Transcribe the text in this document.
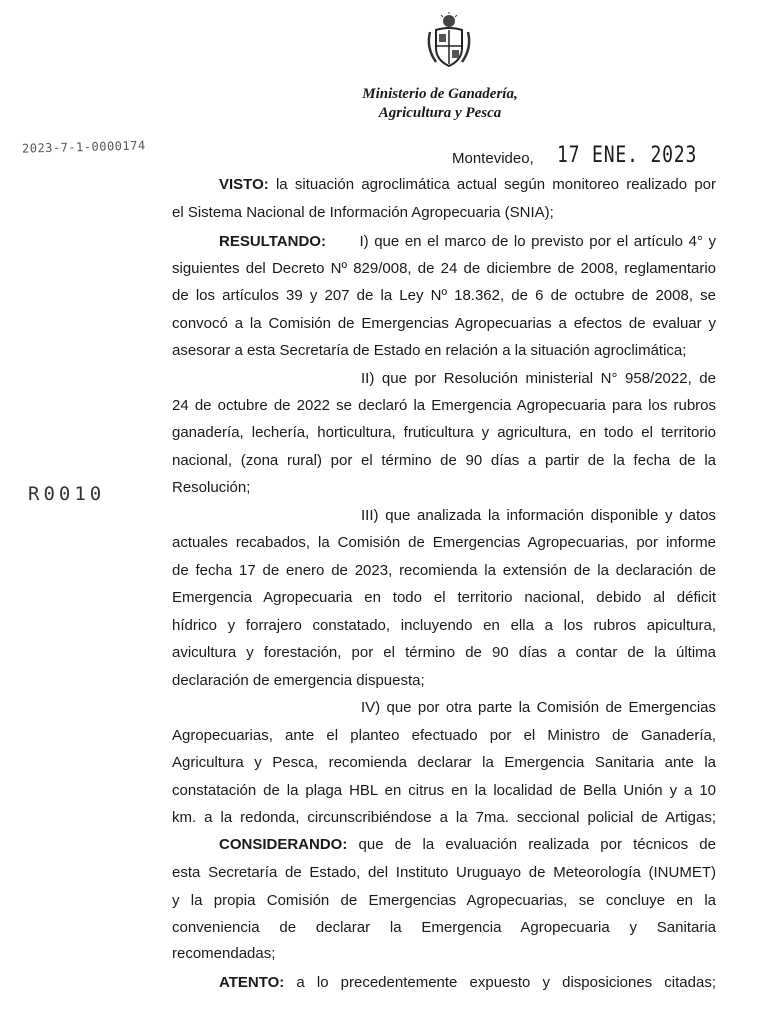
Ministerio de Ganadería,
Agricultura y Pesca
2023-7-1-0000174
Montevideo, 17 ENE. 2023
R0010
VISTO: la situación agroclimática actual según monitoreo realizado por
el Sistema Nacional de Información Agropecuaria (SNIA);
RESULTANDO: I) que en el marco de lo previsto por el artículo 4° y
siguientes del Decreto Nº 829/008, de 24 de diciembre de 2008, reglamentario
de los artículos 39 y 207 de la Ley Nº 18.362, de 6 de octubre de 2008, se
convocó a la Comisión de Emergencias Agropecuarias a efectos de evaluar y
asesorar a esta Secretaría de Estado en relación a la situación agroclimática;
II) que por Resolución ministerial N° 958/2022, de
24 de octubre de 2022 se declaró la Emergencia Agropecuaria para los rubros
ganadería, lechería, horticultura, fruticultura y agricultura, en todo el territorio
nacional, (zona rural) por el término de 90 días a partir de la fecha de la
Resolución;
III) que analizada la información disponible y datos
actuales recabados, la Comisión de Emergencias Agropecuarias, por informe
de fecha 17 de enero de 2023, recomienda la extensión de la declaración de
Emergencia Agropecuaria en todo el territorio nacional, debido al déficit
hídrico y forrajero constatado, incluyendo en ella a los rubros apicultura,
avicultura y forestación, por el término de 90 días a contar de la última
declaración de emergencia dispuesta;
IV) que por otra parte la Comisión de Emergencias
Agropecuarias, ante el planteo efectuado por el Ministro de Ganadería,
Agricultura y Pesca, recomienda declarar la Emergencia Sanitaria ante la
constatación de la plaga HBL en citrus en la localidad de Bella Unión y a 10
km. a la redonda, circunscribiéndose a la 7ma. seccional policial de Artigas;
CONSIDERANDO: que de la evaluación realizada por técnicos de
esta Secretaría de Estado, del Instituto Uruguayo de Meteorología (INUMET)
y la propia Comisión de Emergencias Agropecuarias, se concluye en la
conveniencia de declarar la Emergencia Agropecuaria y Sanitaria
recomendadas;
ATENTO: a lo precedentemente expuesto y disposiciones citadas;
